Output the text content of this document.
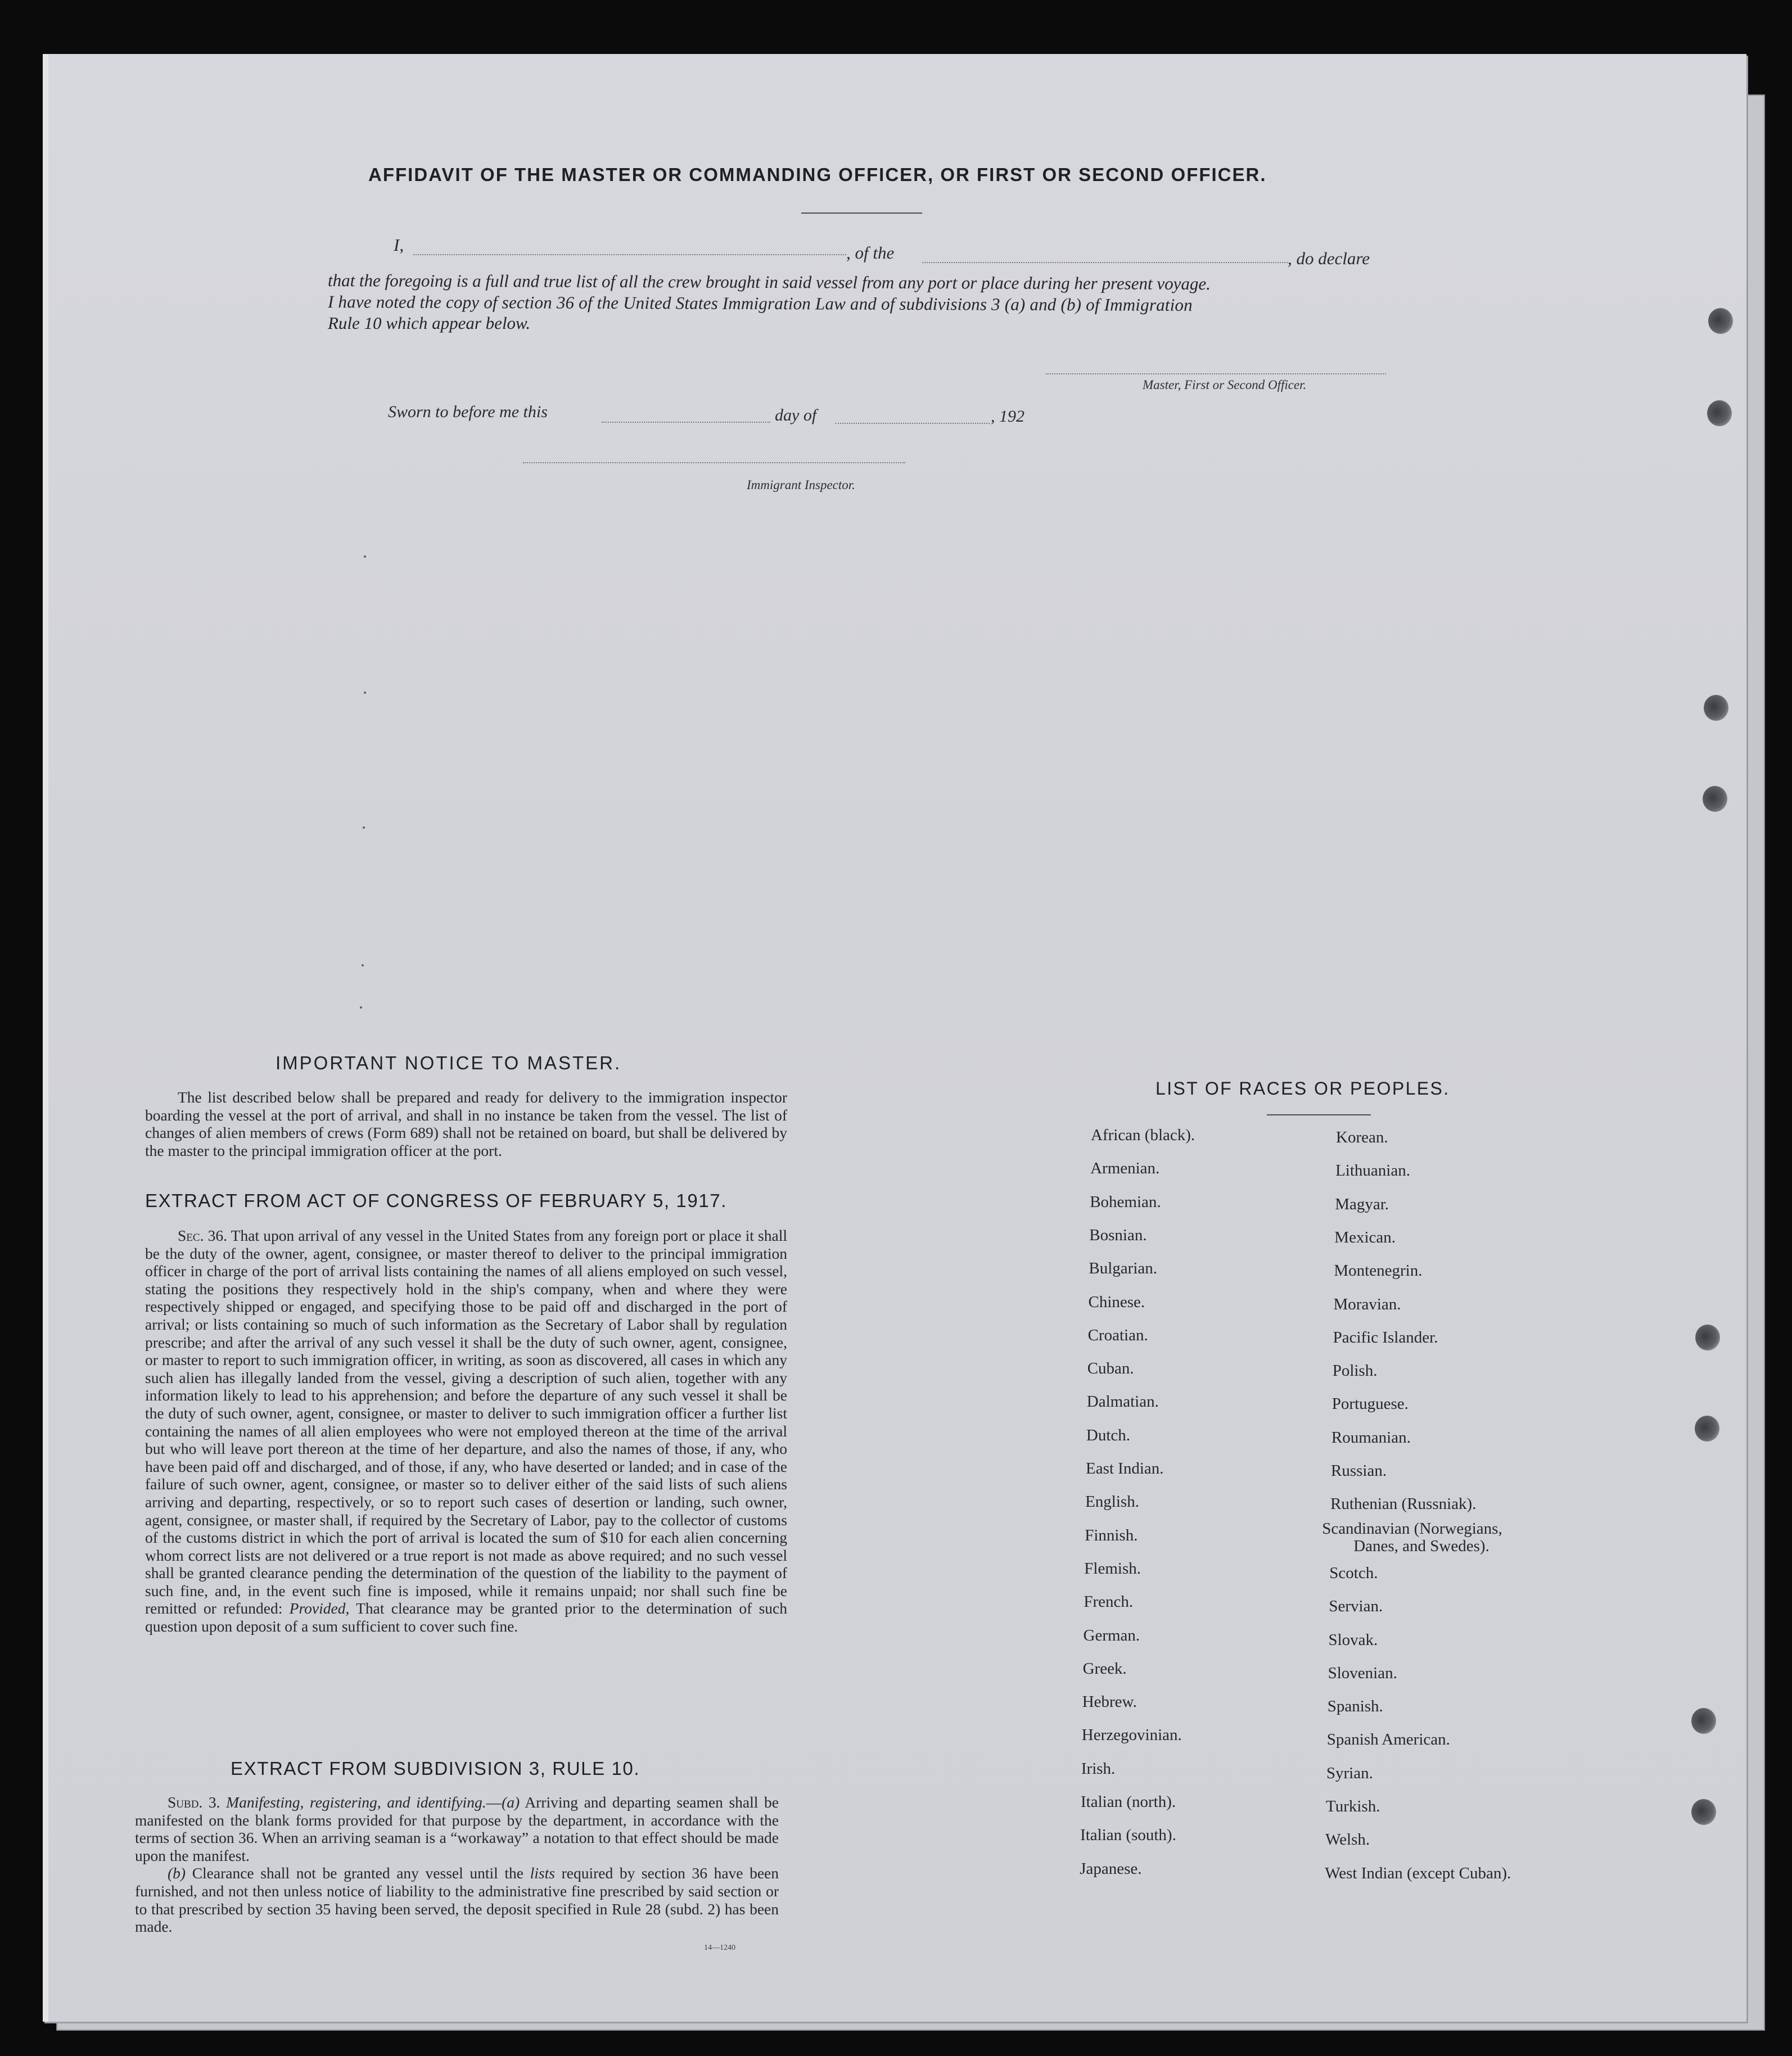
AFFIDAVIT OF THE MASTER OR COMMANDING OFFICER, OR FIRST OR SECOND OFFICER.
I,	, of the	, do declare

that the foregoing is a full and true list of all the crew brought in said vessel from any port or place during her present voyage.

I have noted the copy of section 36 of the United States Immigration Law and of subdivisions 3 (a) and (b) of Immigration

Rule 10 which appear below.

Master, First or Second Officer.
Sworn to before me this	day of	, 192
Immigrant Inspector.
IMPORTANT NOTICE TO MASTER.

The list described below shall be prepared and ready for delivery to the immigration inspector boarding the vessel at the port of arrival, and shall in no instance be taken from the vessel. The list of changes of alien members of crews (Form 689) shall not be retained on board, but shall be delivered by the master to the principal immigration officer at the port.

EXTRACT FROM ACT OF CONGRESS OF FEBRUARY 5, 1917.

Sec. 36. That upon arrival of any vessel in the United States from any foreign port or place it shall be the duty of the owner, agent, consignee, or master thereof to deliver to the principal immigration officer in charge of the port of arrival lists containing the names of all aliens employed on such vessel, stating the positions they respectively hold in the ship's company, when and where they were respectively shipped or engaged, and specifying those to be paid off and discharged in the port of arrival; or lists containing so much of such information as the Secretary of Labor shall by regulation prescribe; and after the arrival of any such vessel it shall be the duty of such owner, agent, consignee, or master to report to such immigration officer, in writing, as soon as discovered, all cases in which any such alien has illegally landed from the vessel, giving a description of such alien, together with any information likely to lead to his apprehension; and before the departure of any such vessel it shall be the duty of such owner, agent, consignee, or master to deliver to such immigration officer a further list containing the names of all alien employees who were not employed thereon at the time of the arrival but who will leave port thereon at the time of her departure, and also the names of those, if any, who have been paid off and discharged, and of those, if any, who have deserted or landed; and in case of the failure of such owner, agent, consignee, or master so to deliver either of the said lists of such aliens arriving and departing, respectively, or so to report such cases of desertion or landing, such owner, agent, consignee, or master shall, if required by the Secretary of Labor, pay to the collector of customs of the customs district in which the port of arrival is located the sum of $10 for each alien concerning whom correct lists are not delivered or a true report is not made as above required; and no such vessel shall be granted clearance pending the determination of the question of the liability to the payment of such fine, and, in the event such fine is imposed, while it remains unpaid; nor shall such fine be remitted or refunded: Provided, That clearance may be granted prior to the determination of such question upon deposit of a sum sufficient to cover such fine.

EXTRACT FROM SUBDIVISION 3, RULE 10.

Subd. 3. Manifesting, registering, and identifying.—(a) Arriving and departing seamen shall be manifested on the blank forms provided for that purpose by the department, in accordance with the terms of section 36. When an arriving seaman is a “workaway” a notation to that effect should be made upon the manifest.

(b) Clearance shall not be granted any vessel until the lists required by section 36 have been furnished, and not then unless notice of liability to the administrative fine prescribed by said section or to that prescribed by section 35 having been served, the deposit specified in Rule 28 (subd. 2) has been made.

14—1240
LIST OF RACES OR PEOPLES.
African (black).
Armenian.
Bohemian.
Bosnian.
Bulgarian.
Chinese.
Croatian.
Cuban.
Dalmatian.
Dutch.
East Indian.
English.
Finnish.
Flemish.
French.
German.
Greek.
Hebrew.
Herzegovinian.
Irish.
Italian (north).
Italian (south).
Japanese.
Korean.
Lithuanian.
Magyar.
Mexican.
Montenegrin.
Moravian.
Pacific Islander.
Polish.
Portuguese.
Roumanian.
Russian.
Ruthenian (Russniak).
Scandinavian (Norwegians,
Danes, and Swedes).
Scotch.
Servian.
Slovak.
Slovenian.
Spanish.
Spanish American.
Syrian.
Turkish.
Welsh.
West Indian (except Cuban).
